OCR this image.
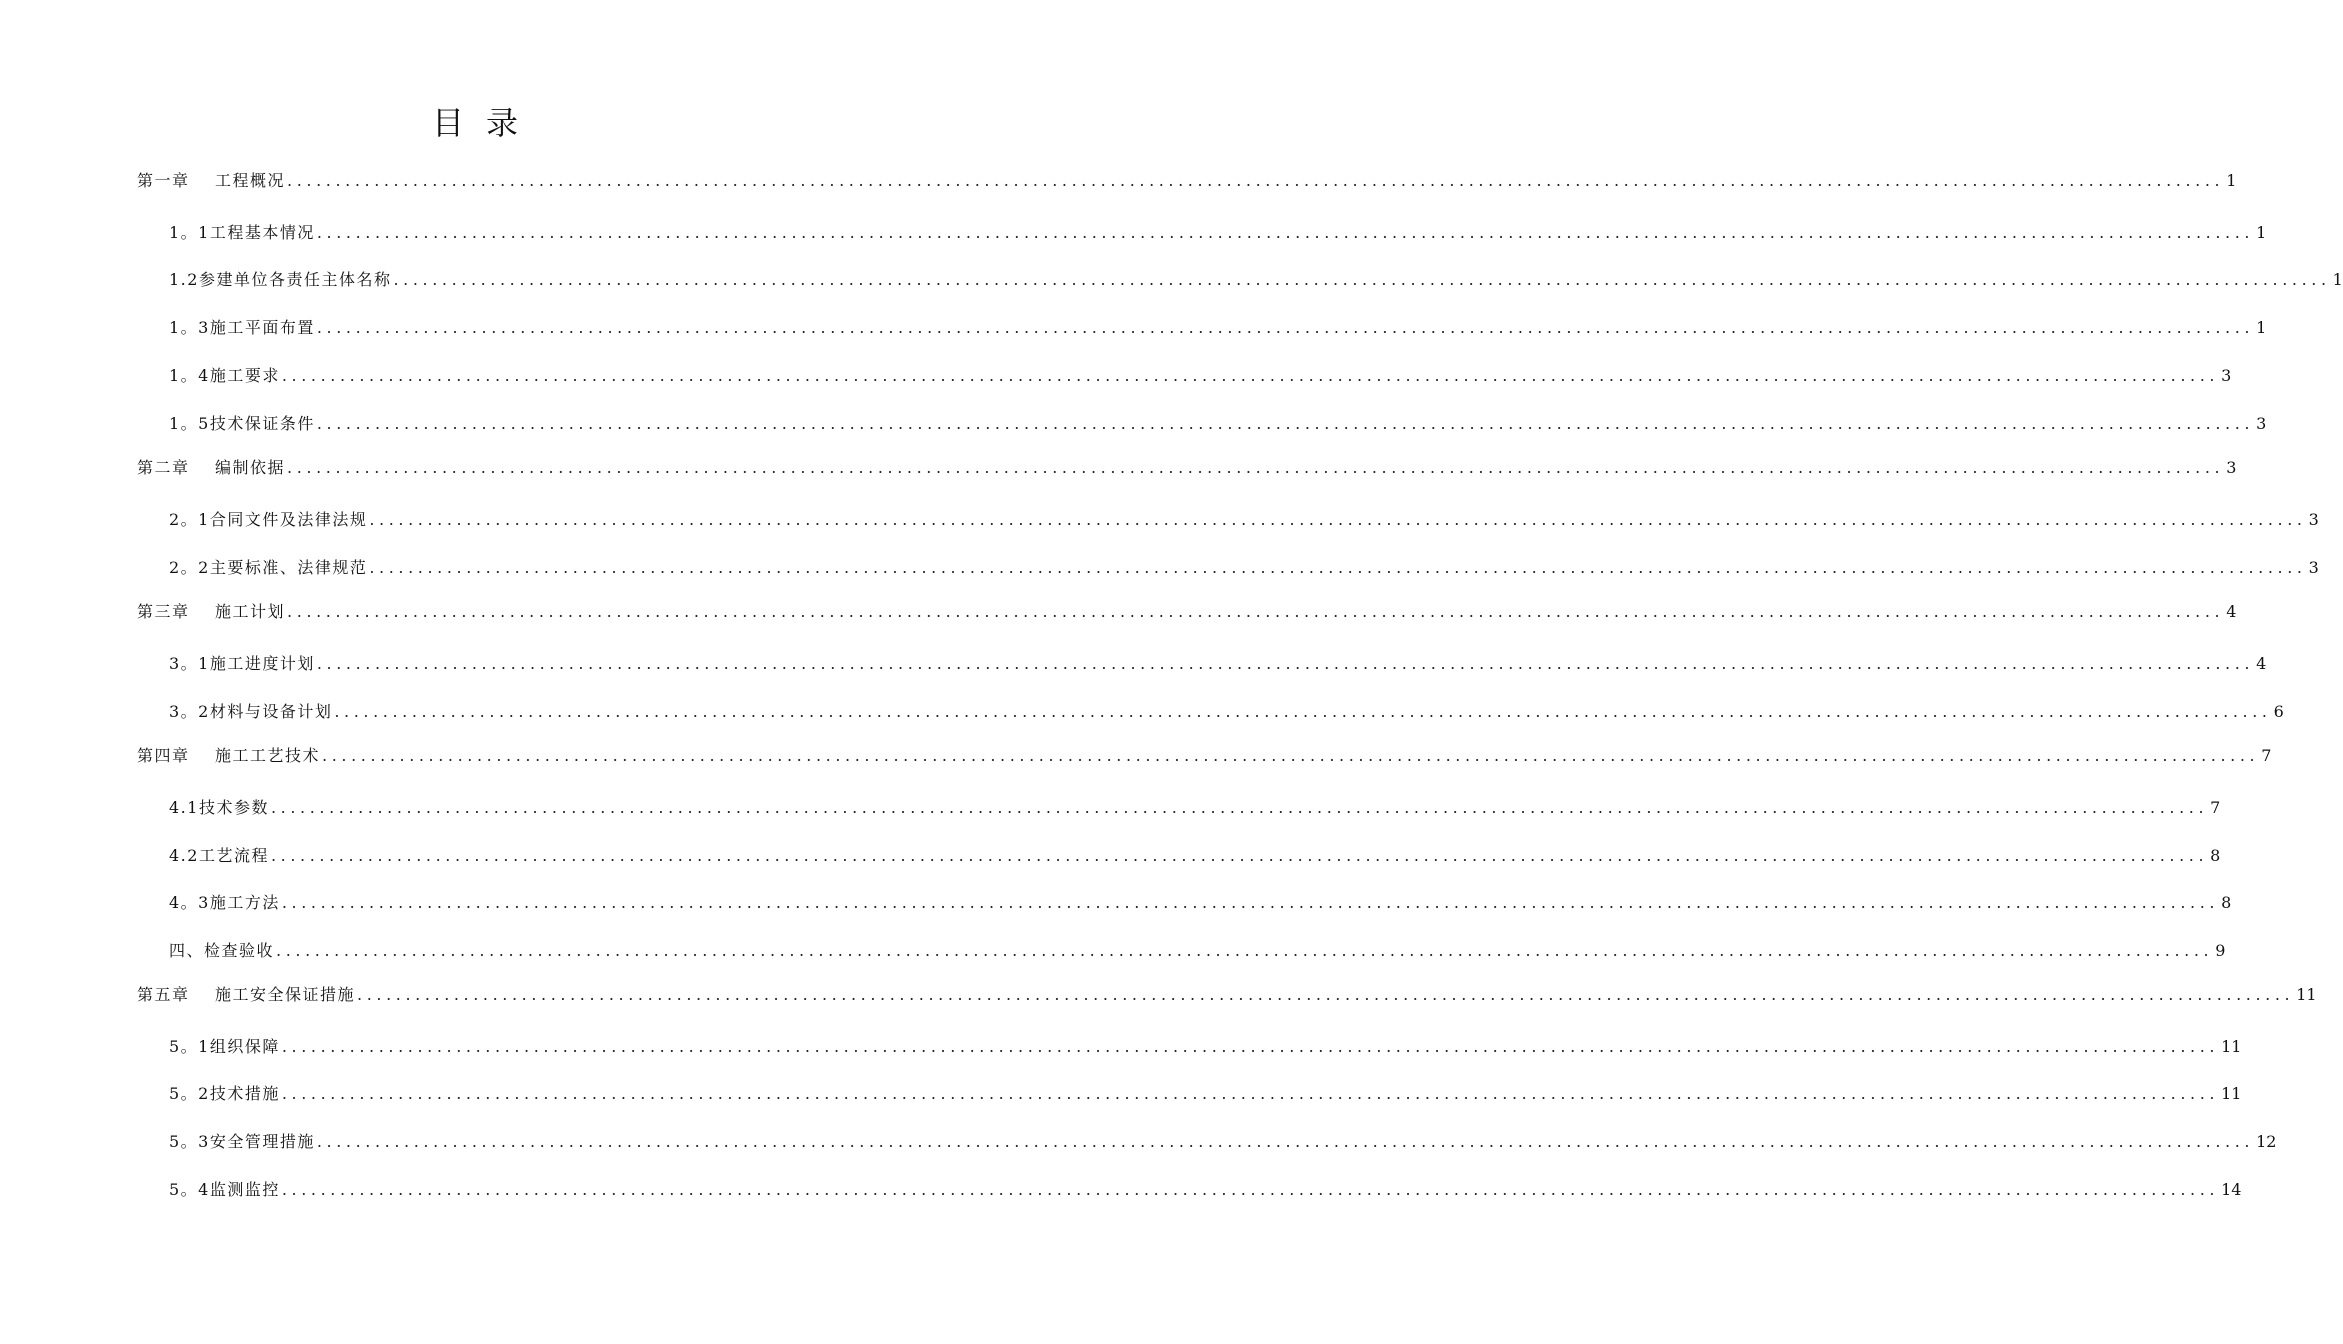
目录
第一章 工程概况 ........................................................................................................................................................................................................ 1
1。1工程基本情况 ........................................................................................................................................................................................................ 1
1.2参建单位各责任主体名称 ........................................................................................................................................................................................................ 1
1。3施工平面布置 ........................................................................................................................................................................................................ 1
1。4施工要求 ........................................................................................................................................................................................................ 3
1。5技术保证条件 ........................................................................................................................................................................................................ 3
第二章 编制依据 ........................................................................................................................................................................................................ 3
2。1合同文件及法律法规 ........................................................................................................................................................................................................ 3
2。2主要标准、法律规范 ........................................................................................................................................................................................................ 3
第三章 施工计划 ........................................................................................................................................................................................................ 4
3。1施工进度计划 ........................................................................................................................................................................................................ 4
3。2材料与设备计划 ........................................................................................................................................................................................................ 6
第四章 施工工艺技术 ........................................................................................................................................................................................................ 7
4.1技术参数 ........................................................................................................................................................................................................ 7
4.2工艺流程 ........................................................................................................................................................................................................ 8
4。3施工方法 ........................................................................................................................................................................................................ 8
四、检查验收 ........................................................................................................................................................................................................ 9
第五章 施工安全保证措施 ........................................................................................................................................................................................................ 11
5。1组织保障 ........................................................................................................................................................................................................ 11
5。2技术措施 ........................................................................................................................................................................................................ 11
5。3安全管理措施 ........................................................................................................................................................................................................ 12
5。4监测监控 ........................................................................................................................................................................................................ 14
